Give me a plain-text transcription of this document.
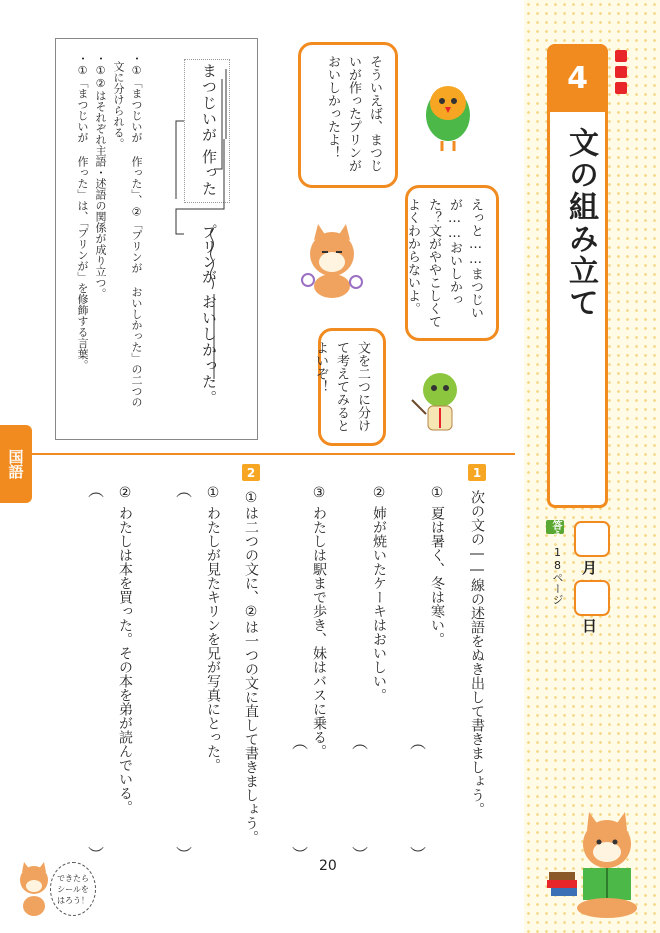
4
文の組み立て
答え
18ページ 月
日
国語
まつじいが
作った
プリンが
おいしかった。
・①「まつじいが 作った」、②「プリンが おいしかった」の二つの
文に分けられる。
・①②はそれぞれ主語・述語の関係が成り立つ。
・①「まつじいが 作った」は、「プリンが」を修飾する言葉。	そういえば、まつじいが作ったプリンがおいしかったよ！
えっと……まつじいが……おいしかった？文がややこしくてよくわからないよ。
文を二つに分けて考えてみるとよいぞ！
1
次の文の――線の述語をぬき出して書きましょう。
①
夏は暑く、冬は寒い。
︵
︶
②
姉が焼いたケーキはおいしい。
︵
︶
③
わたしは駅まで歩き、妹はバスに乗る。
︵
︶
2
①は二つの文に、②は一つの文に直して書きましょう。
①
わたしが見たキリンを兄が写真にとった。
︵
︶
②
わたしは本を買った。その本を弟が読んでいる。
︵
︶
できたらシールをはろう！
20
